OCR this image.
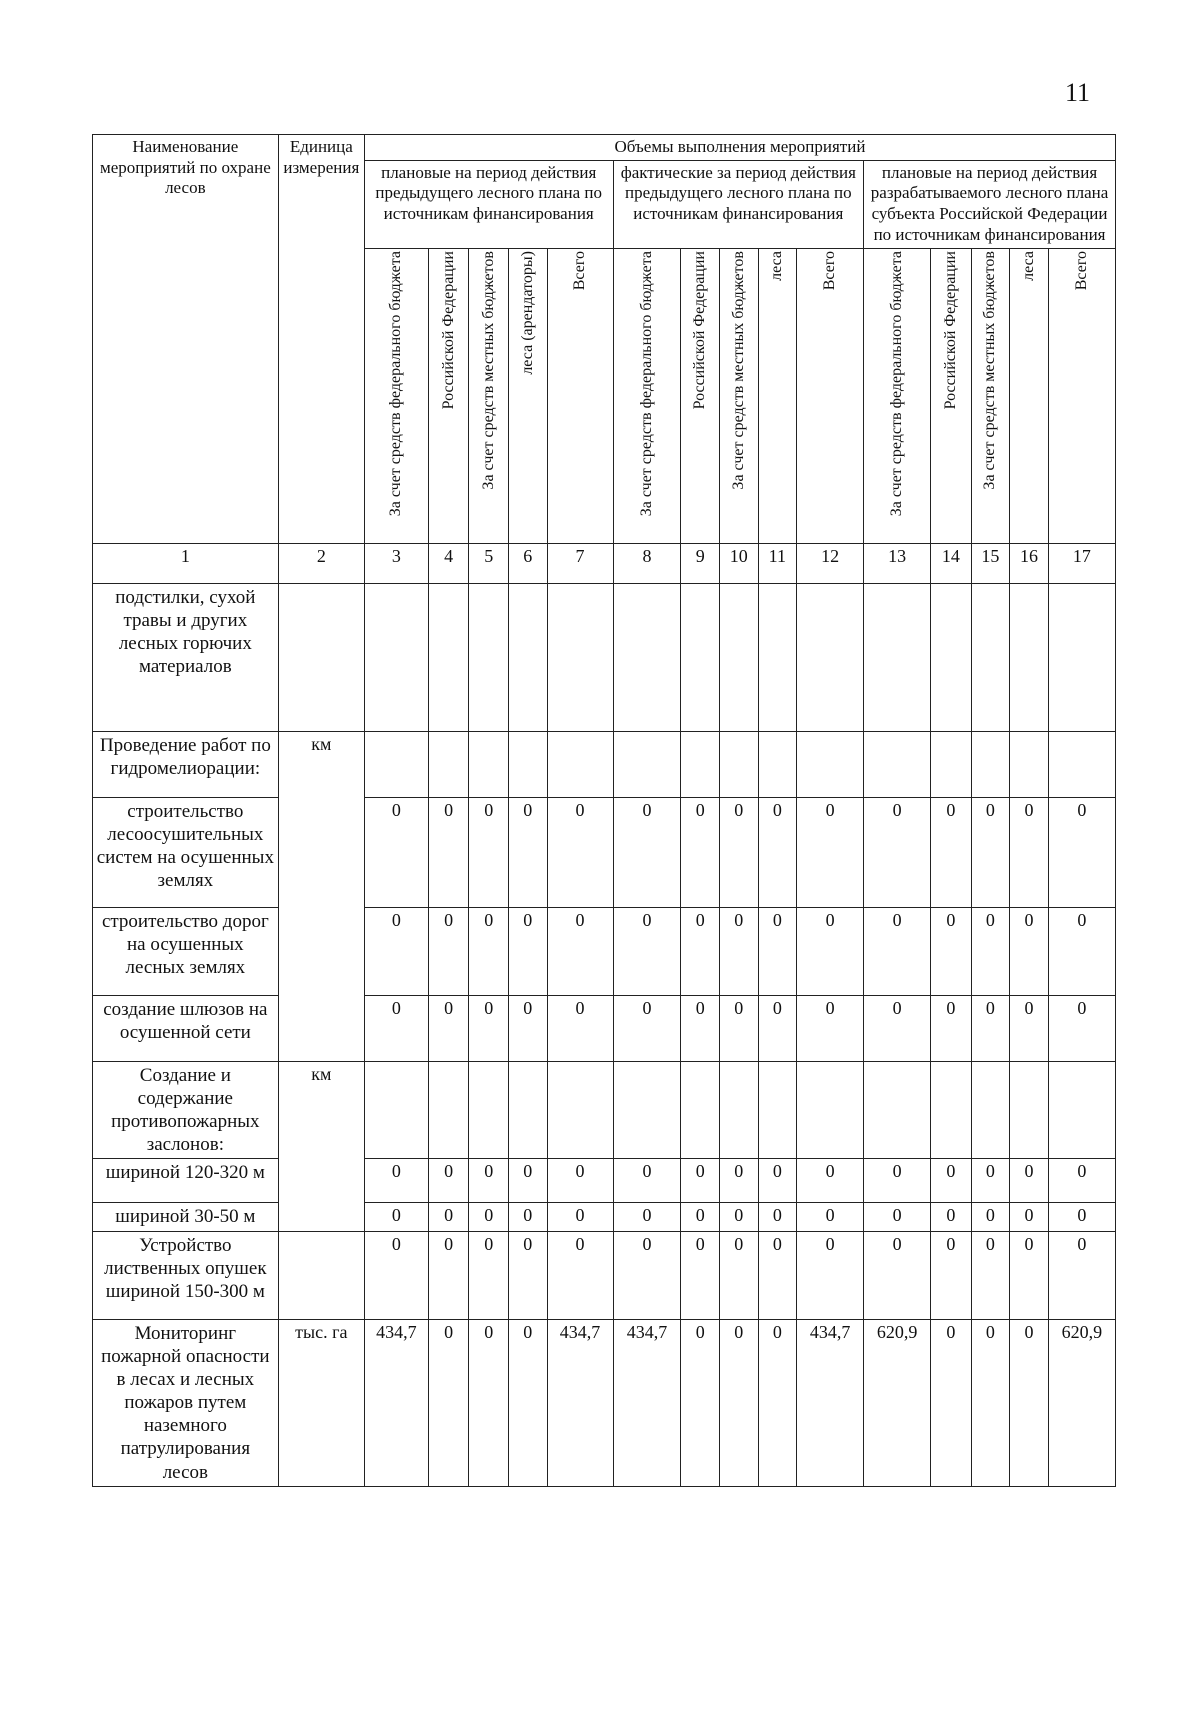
11
Наименование мероприятий по охране лесов	Единица измерения	Объемы выполнения мероприятий														
		плановые на период действия предыдущего лесного плана по источникам финансирования					фактические за период действия предыдущего лесного плана по источникам финансирования					плановые на период действия разрабатываемого лесного плана субъекта Российской Федерации по источникам финансирования				
		За счет средств федерального бюджета	Российской Федерации	За счет средств местных бюджетов	леса (арендаторы)	Всего	За счет средств федерального бюджета	Российской Федерации	За счет средств местных бюджетов	леса	Всего	За счет средств федерального бюджета	Российской Федерации	За счет средств местных бюджетов	леса	Всего
1	2	3	4	5	6	7	8	9	10	11	12	13	14	15	16	17
подстилки, сухой травы и других лесных горючих материалов																
Проведение работ по гидромелиорации:	км															
строительство лесоосушительных систем на осушенных землях		0	0	0	0	0	0	0	0	0	0	0	0	0	0	0
строительство дорог на осушенных лесных землях		0	0	0	0	0	0	0	0	0	0	0	0	0	0	0
создание шлюзов на осушенной сети		0	0	0	0	0	0	0	0	0	0	0	0	0	0	0
Создание и содержание противопожарных заслонов:	км															
шириной 120-320 м		0	0	0	0	0	0	0	0	0	0	0	0	0	0	0
шириной 30-50 м		0	0	0	0	0	0	0	0	0	0	0	0	0	0	0
Устройство лиственных опушек шириной 150-300 м		0	0	0	0	0	0	0	0	0	0	0	0	0	0	0
Мониторинг пожарной опасности в лесах и лесных пожаров путем наземного патрулирования лесов	тыс. га	434,7	0	0	0	434,7	434,7	0	0	0	434,7	620,9	0	0	0	620,9
